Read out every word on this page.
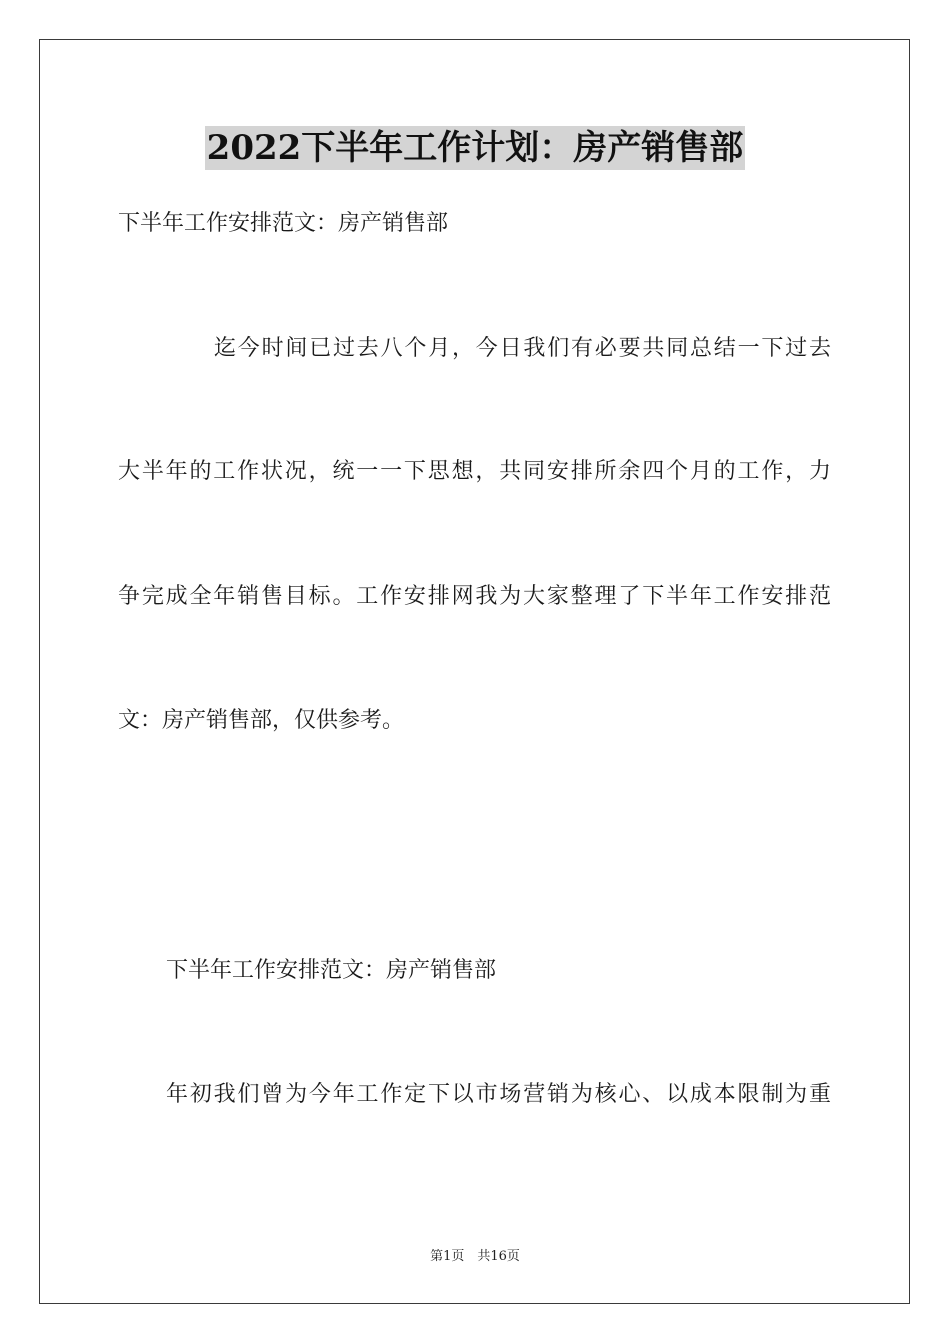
2022下半年工作计划：房产销售部
下半年工作安排范文：房产销售部
迄今时间已过去八个月，今日我们有必要共同总结一下过去
大半年的工作状况，统一一下思想，共同安排所余四个月的工作，力
争完成全年销售目标。工作安排网我为大家整理了下半年工作安排范
文：房产销售部，仅供参考。
下半年工作安排范文：房产销售部
年初我们曾为今年工作定下以市场营销为核心、以成本限制为重
第1页　共16页
